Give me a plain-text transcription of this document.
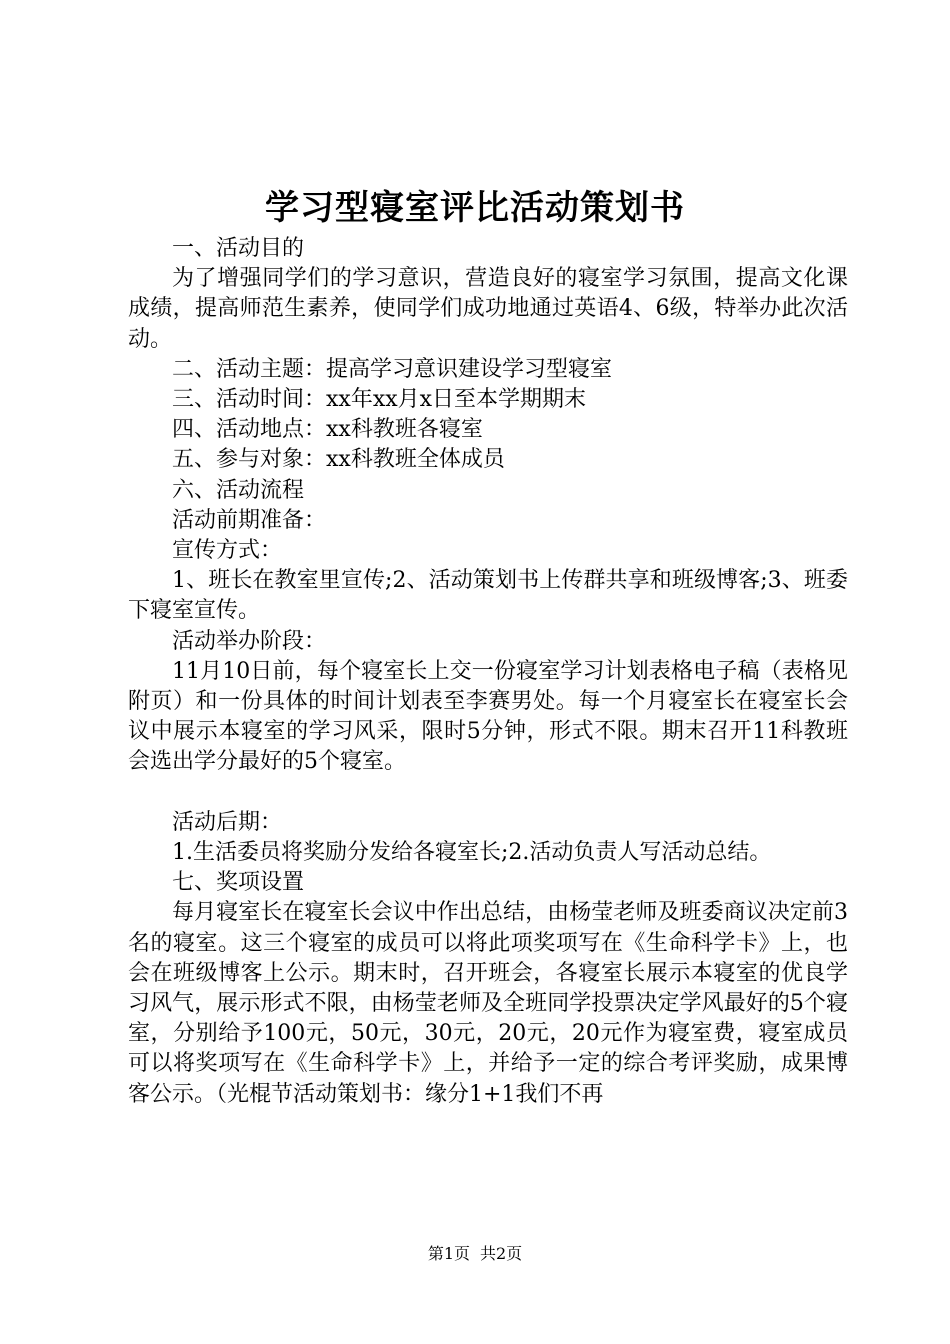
学习型寝室评比活动策划书

一、活动目的

为了增强同学们的学习意识，营造良好的寝室学习氛围，提高文化课成绩，提高师范生素养，使同学们成功地通过英语4、6级，特举办此次活动。

二、活动主题：提高学习意识建设学习型寝室

三、活动时间：xx年xx月x日至本学期期末

四、活动地点：xx科教班各寝室

五、参与对象：xx科教班全体成员

六、活动流程

活动前期准备：

宣传方式：

1、班长在教室里宣传;2、活动策划书上传群共享和班级博客;3、班委下寝室宣传。

活动举办阶段：

11月10日前，每个寝室长上交一份寝室学习计划表格电子稿（表格见附页）和一份具体的时间计划表至李赛男处。每一个月寝室长在寝室长会议中展示本寝室的学习风采，限时5分钟，形式不限。期末召开11科教班会选出学分最好的5个寝室。

活动后期：

1.生活委员将奖励分发给各寝室长;2.活动负责人写活动总结。

七、奖项设置

每月寝室长在寝室长会议中作出总结，由杨莹老师及班委商议决定前3名的寝室。这三个寝室的成员可以将此项奖项写在《生命科学卡》上，也会在班级博客上公示。期末时，召开班会，各寝室长展示本寝室的优良学习风气，展示形式不限，由杨莹老师及全班同学投票决定学风最好的5个寝室，分别给予100元，50元，30元，20元，20元作为寝室费，寝室成员可以将奖项写在《生命科学卡》上，并给予一定的综合考评奖励，成果博客公示。（光棍节活动策划书：缘分1+1我们不再

第1页 共2页
